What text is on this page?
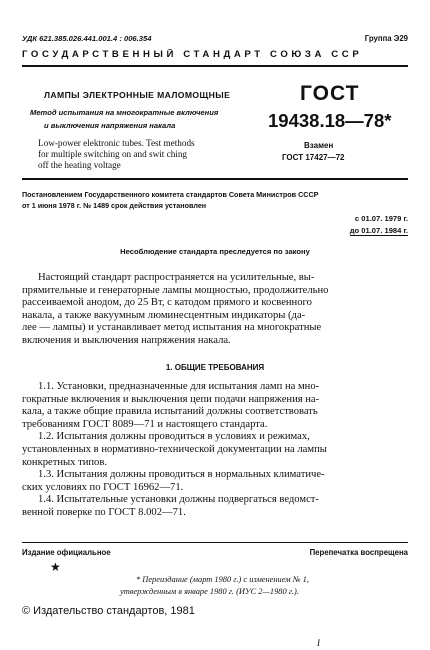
УДК 621.385.026.441.001.4 : 006.354	Группа Э29
ГОСУДАРСТВЕННЫЙ СТАНДАРТ СОЮЗА ССР
ЛАМПЫ ЭЛЕКТРОННЫЕ МАЛОМОЩНЫЕ
Метод испытания на многократные включения
и выключения напряжения накала
Low-power elektronic tubes. Test methods
for multiple switching on and swit ching
off the heating voltage
ГОСТ
19438.18—78*
Взамен
ГОСТ 17427—72
Постановлением Государственного комитета стандартов Совета Министров СССР
от 1 июня 1978 г. № 1489 срок действия установлен
с 01.07. 1979 г.
до 01.07. 1984 г.
Несоблюдение стандарта преследуется по закону
Настоящий стандарт распространяется на усилительные, вы-
прямительные и генераторные лампы мощностью, продолжительно
рассеиваемой анодом, до 25 Вт, с катодом прямого и косвенного
накала, а также вакуумным люминесцентным индикаторы (да-
лее — лампы) и устанавливает метод испытания на многократные
включения и выключения напряжения накала.
1. ОБЩИЕ ТРЕБОВАНИЯ
1.1. Установки, предназначенные для испытания ламп на мно-
гократные включения и выключения цепи подачи напряжения на-
кала, а также общие правила испытаний должны соответствовать
требованиям ГОСТ 8089—71 и настоящего стандарта.
1.2. Испытания должны проводиться в условиях и режимах,
установленных в нормативно-технической документации на лампы
конкретных типов.
1.3. Испытания должны проводиться в нормальных климатиче-
ских условиях по ГОСТ 16962—71.
1.4. Испытательные установки должны подвергаться ведомст-
венной поверке по ГОСТ 8.002—71.
Издание официальное	Перепечатка воспрещена
★
* Переиздание (март 1980 г.) с изменением № 1,
утвержденным в январе 1980 г. (ИУС 2—1980 г.).
© Издательство стандартов, 1981
I
